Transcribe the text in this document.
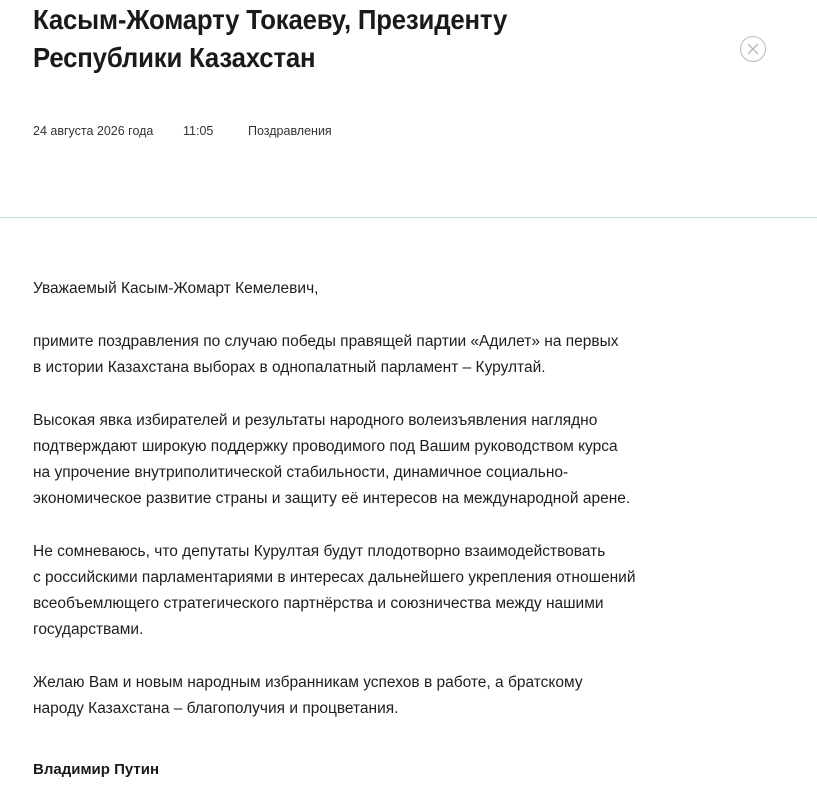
Касым-Жомарту Токаеву, Президенту Республики Казахстан
24 августа 2026 года 11:05	Поздравления

Уважаемый Касым-Жомарт Кемелевич,

примите поздравления по случаю победы правящей партии «Адилет» на первых
в истории Казахстана выборах в однопалатный парламент – Курултай.

Высокая явка избирателей и результаты народного волеизъявления наглядно
подтверждают широкую поддержку проводимого под Вашим руководством курса
на упрочение внутриполитической стабильности, динамичное социально-
экономическое развитие страны и защиту её интересов на международной арене.

Не сомневаюсь, что депутаты Курултая будут плодотворно взаимодействовать
с российскими парламентариями в интересах дальнейшего укрепления отношений
всеобъемлющего стратегического партнёрства и союзничества между нашими
государствами.

Желаю Вам и новым народным избранникам успехов в работе, а братскому
народу Казахстана – благополучия и процветания.

Владимир Путин
